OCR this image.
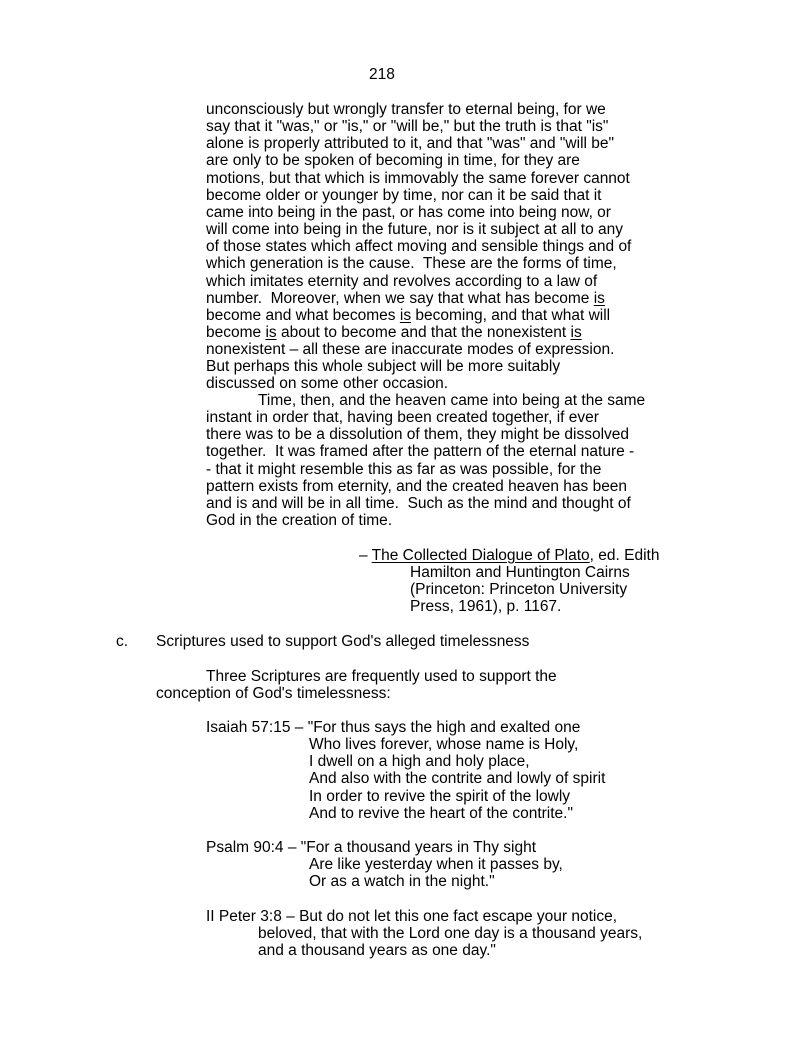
218
unconsciously but wrongly transfer to eternal being, for we
say that it "was," or "is," or "will be," but the truth is that "is"
alone is properly attributed to it, and that "was" and "will be"
are only to be spoken of becoming in time, for they are
motions, but that which is immovably the same forever cannot
become older or younger by time, nor can it be said that it
came into being in the past, or has come into being now, or
will come into being in the future, nor is it subject at all to any
of those states which affect moving and sensible things and of
which generation is the cause.  These are the forms of time,
which imitates eternity and revolves according to a law of
number.  Moreover, when we say that what has become is
become and what becomes is becoming, and that what will
become is about to become and that the nonexistent is
nonexistent – all these are inaccurate modes of expression.
But perhaps this whole subject will be more suitably
discussed on some other occasion.
Time, then, and the heaven came into being at the same
instant in order that, having been created together, if ever
there was to be a dissolution of them, they might be dissolved
together.  It was framed after the pattern of the eternal nature -
- that it might resemble this as far as was possible, for the
pattern exists from eternity, and the created heaven has been
and is and will be in all time.  Such as the mind and thought of
God in the creation of time.
– The Collected Dialogue of Plato, ed. Edith
Hamilton and Huntington Cairns
(Princeton: Princeton University
Press, 1961), p. 1167.
c. Scriptures used to support God's alleged timelessness
Three Scriptures are frequently used to support the
conception of God's timelessness:
Isaiah 57:15 – "For thus says the high and exalted one
Who lives forever, whose name is Holy,
I dwell on a high and holy place,
And also with the contrite and lowly of spirit
In order to revive the spirit of the lowly
And to revive the heart of the contrite."
Psalm 90:4 – "For a thousand years in Thy sight
Are like yesterday when it passes by,
Or as a watch in the night."
II Peter 3:8 – But do not let this one fact escape your notice,
beloved, that with the Lord one day is a thousand years,
and a thousand years as one day."
